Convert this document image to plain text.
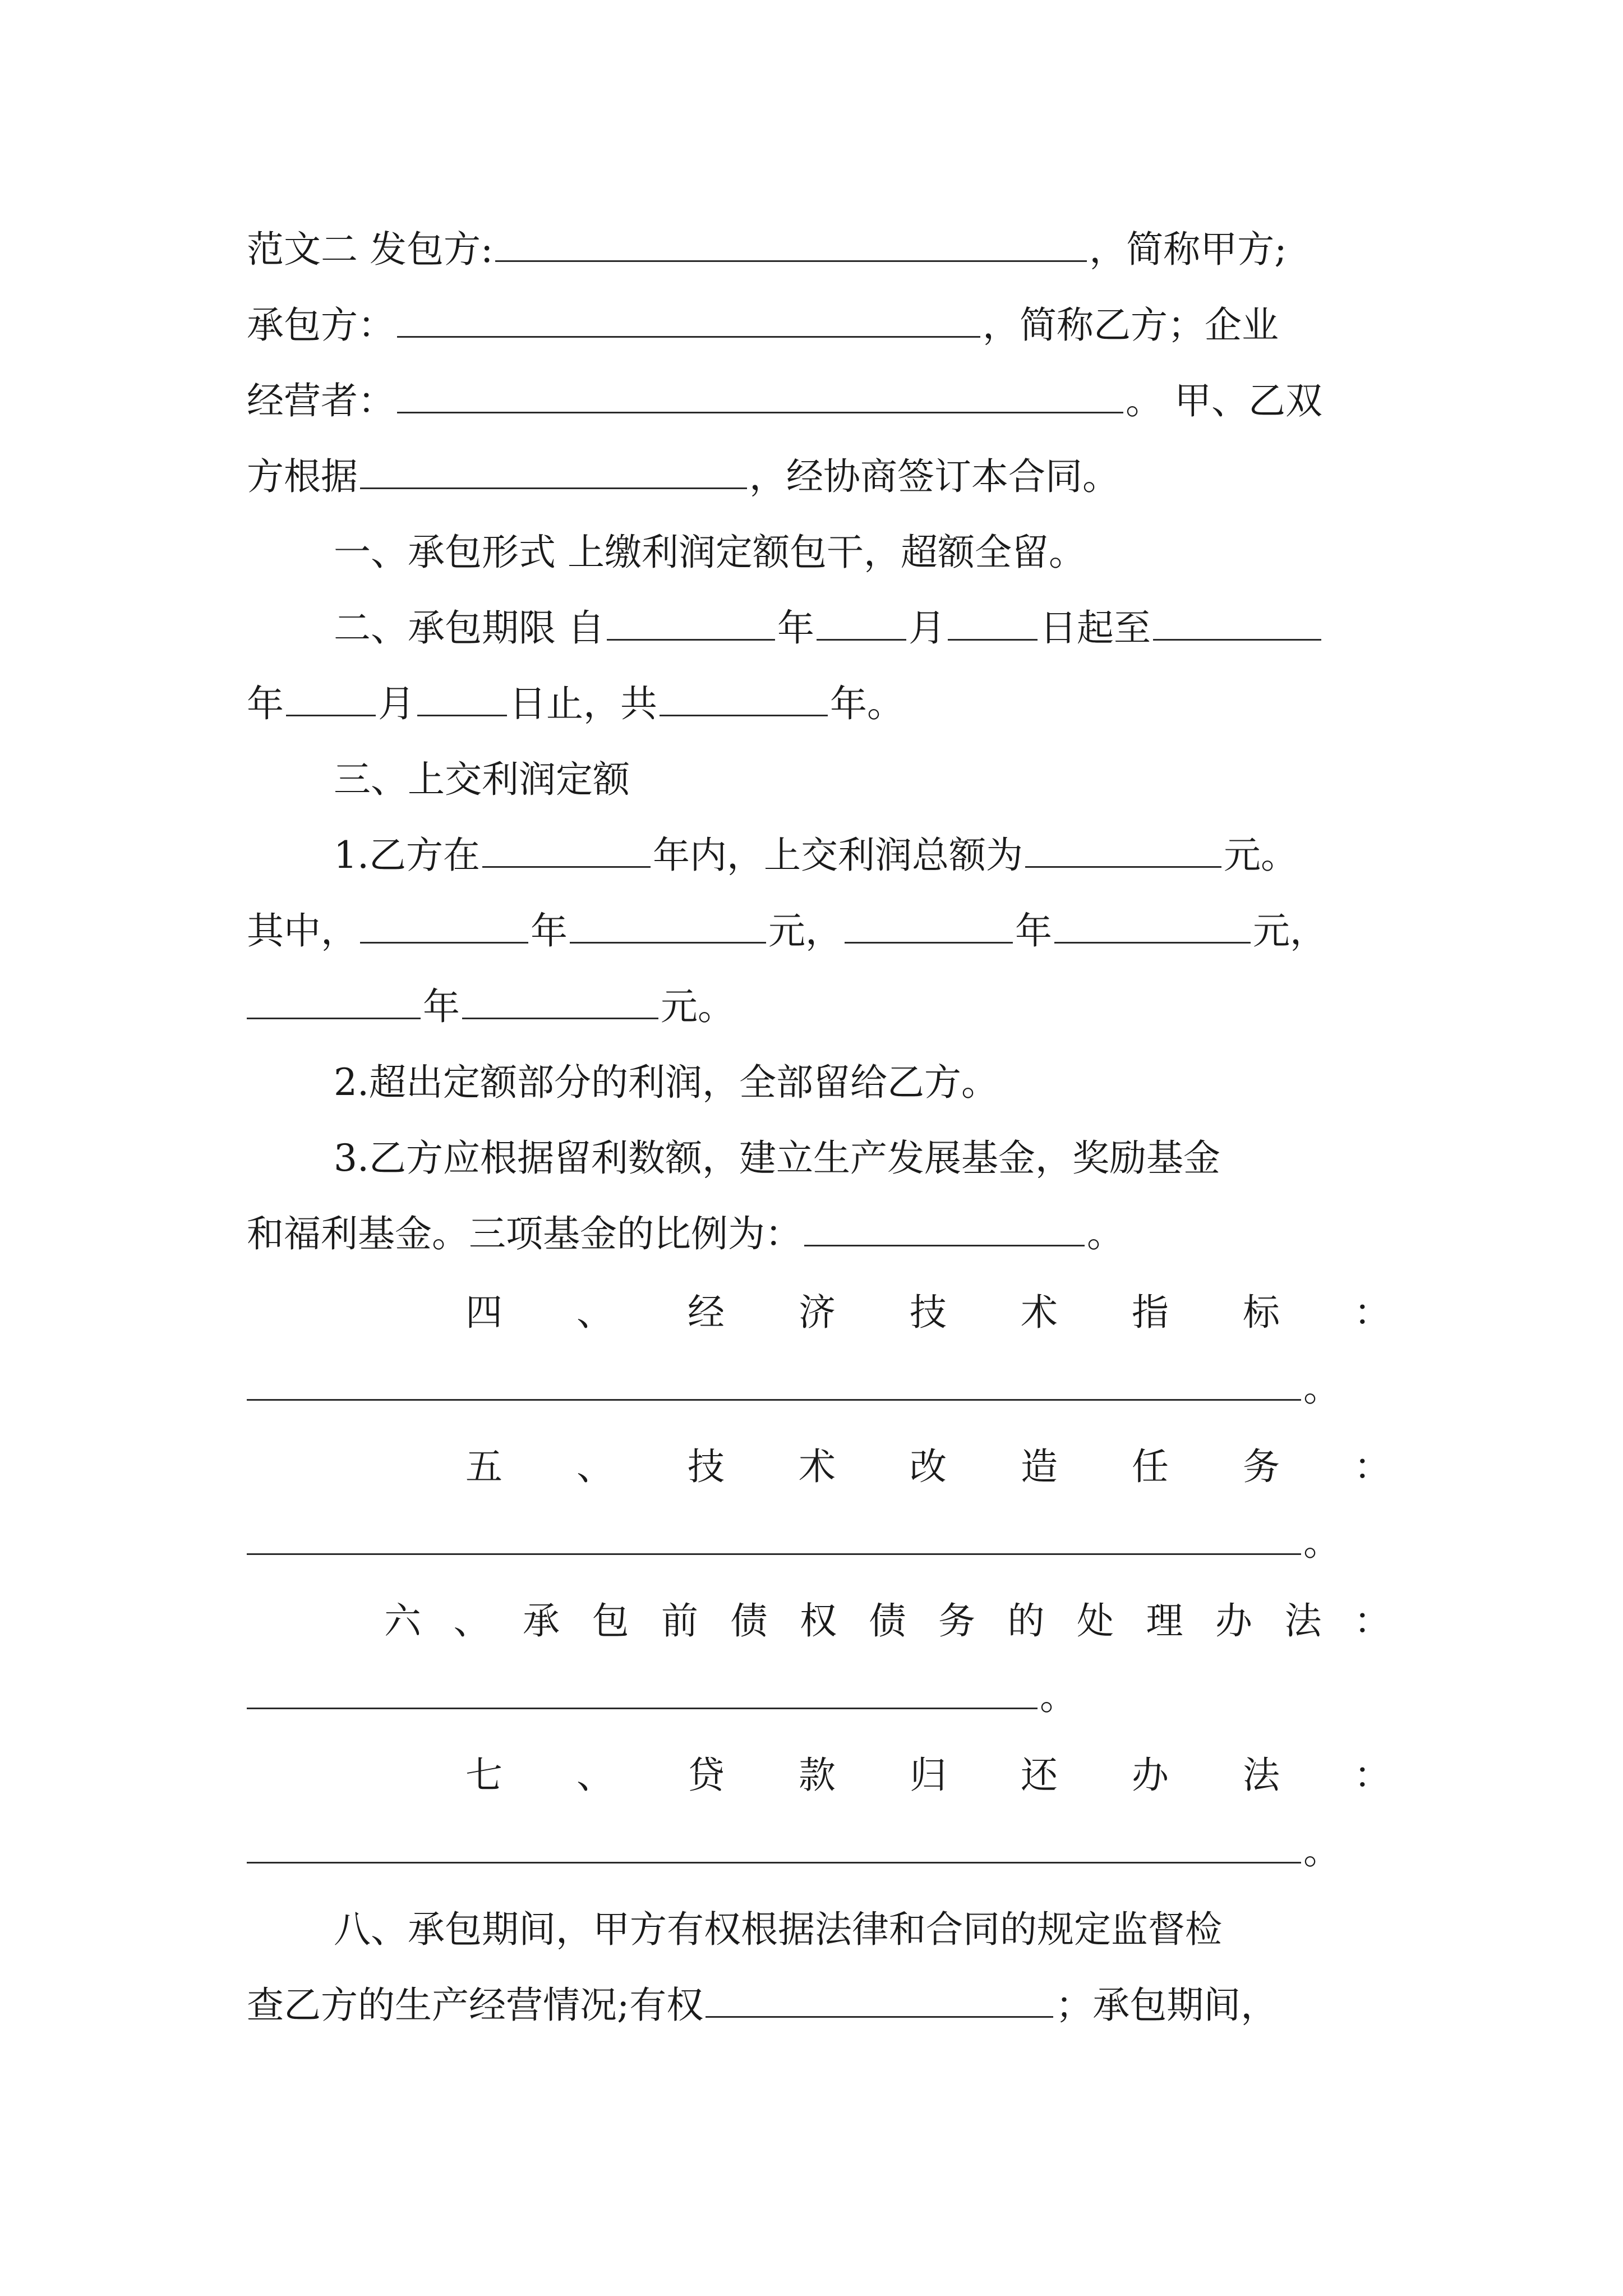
范文二 发包方:	，简称甲方;
承包方：	，简称乙方；企业
经营者：	。 甲、乙双
方根据	，经协商签订本合同。
一、承包形式 上缴利润定额包干，超额全留。
二、承包期限 自	年	月	日起至
年	月	日止，共	年。
三、上交利润定额
1.乙方在	年内，上交利润总额为	元。
其中，	年	元，	年	元，
年	元。
2.超出定额部分的利润，全部留给乙方。
3.乙方应根据留利数额，建立生产发展基金，奖励基金
和福利基金。三项基金的比例为：	。
四 、 经 济 技 术 指 标 ：
。
五 、 技 术 改 造 任 务 ：
。
六 、 承 包 前 债 权 债 务 的 处 理 办 法 ：
。
七 、 贷 款 归 还 办 法 ：
。
八、承包期间，甲方有权根据法律和合同的规定监督检
查乙方的生产经营情况;有权	；承包期间，
